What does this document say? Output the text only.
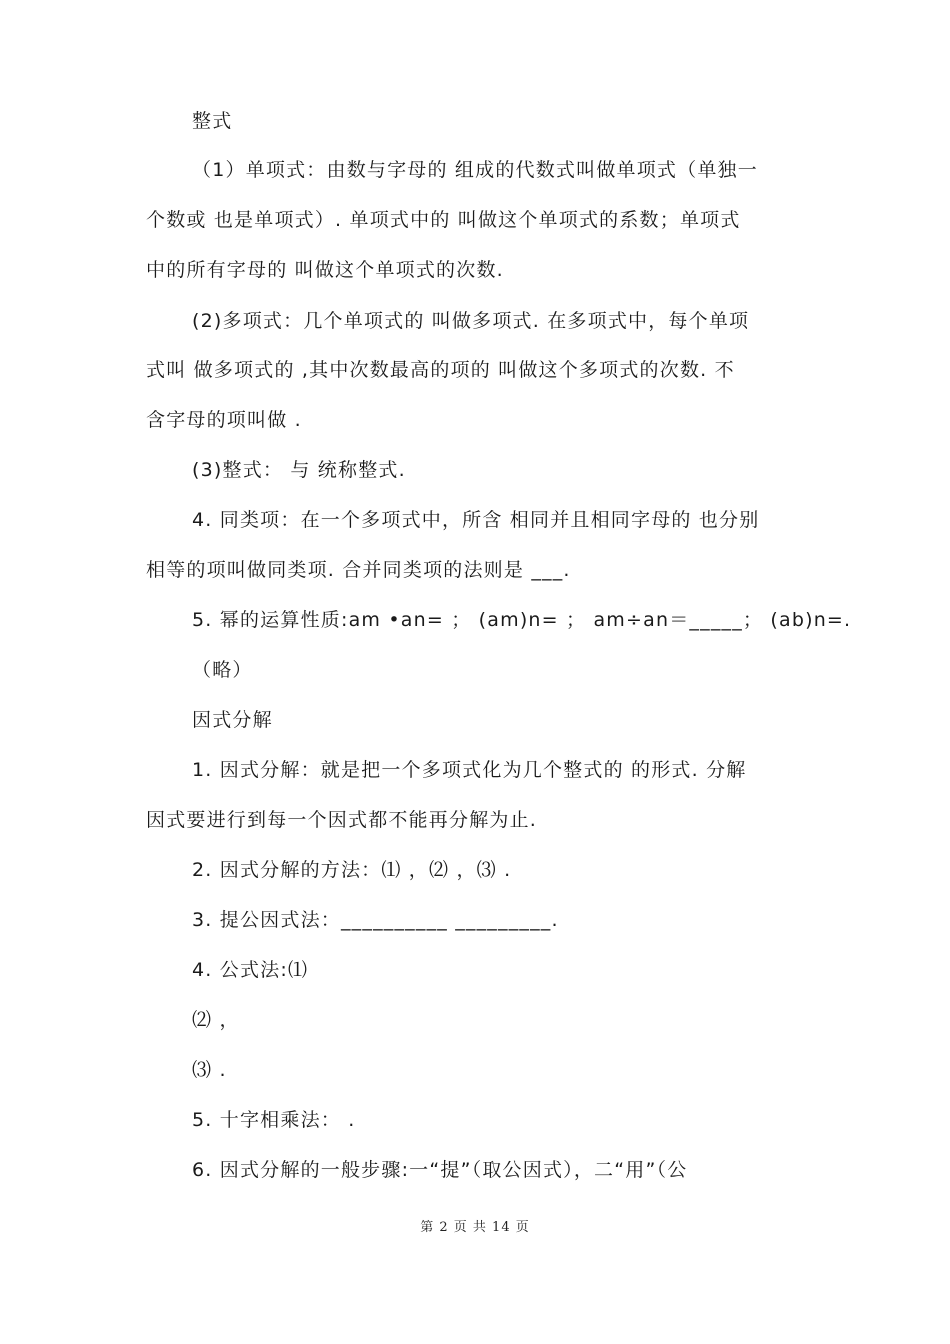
整式
（1）单项式：由数与字母的 组成的代数式叫做单项式（单独一
个数或 也是单项式）. 单项式中的 叫做这个单项式的系数；单项式
中的所有字母的 叫做这个单项式的次数.
(2)多项式：几个单项式的 叫做多项式. 在多项式中，每个单项
式叫 做多项式的 ,其中次数最高的项的 叫做这个多项式的次数. 不
含字母的项叫做 .
(3)整式： 与 统称整式.
4. 同类项：在一个多项式中，所含 相同并且相同字母的 也分别
相等的项叫做同类项. 合并同类项的法则是 ___.
5. 幂的运算性质:am •an= ； (am)n= ； am÷an＝_____； (ab)n=.
（略）
因式分解
1. 因式分解：就是把一个多项式化为几个整式的 的形式. 分解
因式要进行到每一个因式都不能再分解为止.
2. 因式分解的方法：⑴ ，⑵ ，⑶ .
3. 提公因式法：__________ _________.
4. 公式法:⑴
⑵ ，
⑶ .
5. 十字相乘法： .
6. 因式分解的一般步骤:一“提”（取公因式），二“用”（公
第 2 页 共 14 页
